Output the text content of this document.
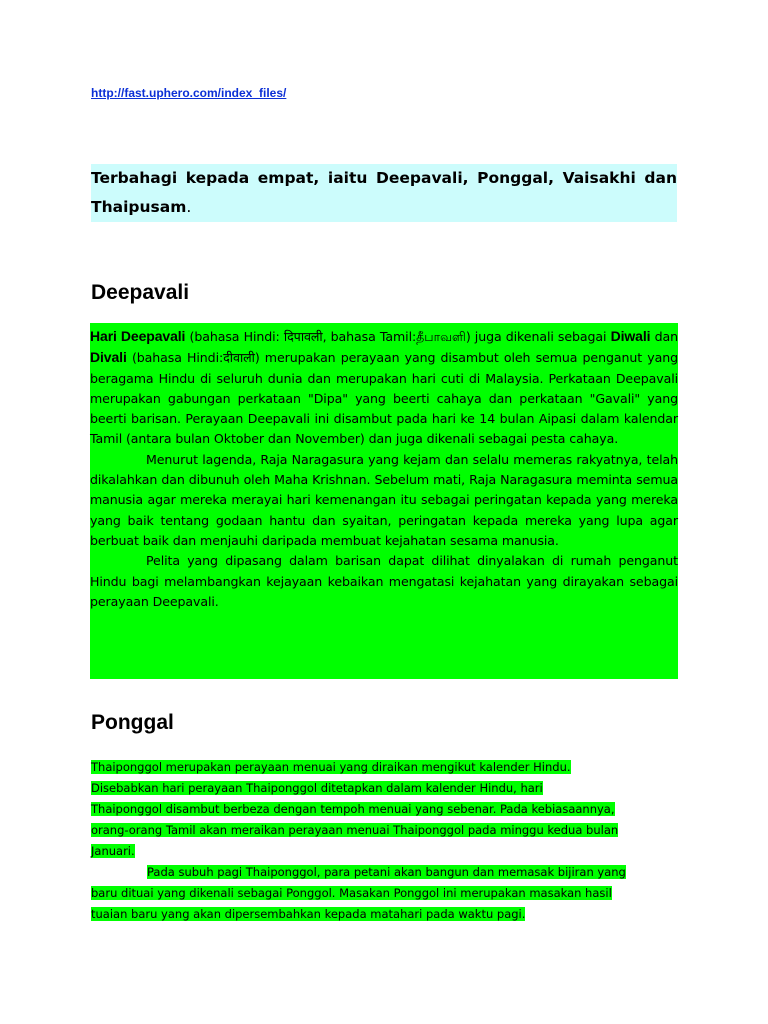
http://fast.uphero.com/index_files/
Terbahagi kepada empat, iaitu Deepavali, Ponggal, Vaisakhi dan Thaipusam.
Deepavali

Hari Deepavali (bahasa Hindi: दिपावली, bahasa Tamil:தீபாவளி) juga dikenali sebagai Diwali dan Divali (bahasa Hindi:दीवाली) merupakan perayaan yang disambut oleh semua penganut yang beragama Hindu di seluruh dunia dan merupakan hari cuti di Malaysia. Perkataan Deepavali merupakan gabungan perkataan "Dipa" yang beerti cahaya dan perkataan "Gavali" yang beerti barisan. Perayaan Deepavali ini disambut pada hari ke 14 bulan Aipasi dalam kalendar Tamil (antara bulan Oktober dan November) dan juga dikenali sebagai pesta cahaya.

Menurut lagenda, Raja Naragasura yang kejam dan selalu memeras rakyatnya, telah dikalahkan dan dibunuh oleh Maha Krishnan. Sebelum mati, Raja Naragasura meminta semua manusia agar mereka merayai hari kemenangan itu sebagai peringatan kepada yang mereka yang baik tentang godaan hantu dan syaitan, peringatan kepada mereka yang lupa agar berbuat baik dan menjauhi daripada membuat kejahatan sesama manusia.

Pelita yang dipasang dalam barisan dapat dilihat dinyalakan di rumah penganut Hindu bagi melambangkan kejayaan kebaikan mengatasi kejahatan yang dirayakan sebagai perayaan Deepavali.

Ponggal

Thaiponggol merupakan perayaan menuai yang diraikan mengikut kalender Hindu.

Disebabkan hari perayaan Thaiponggol ditetapkan dalam kalender Hindu, hari

Thaiponggol disambut berbeza dengan tempoh menuai yang sebenar. Pada kebiasaannya,

orang-orang Tamil akan meraikan perayaan menuai Thaiponggol pada minggu kedua bulan

Januari.

Pada subuh pagi Thaiponggol, para petani akan bangun dan memasak bijiran yang

baru dituai yang dikenali sebagai Ponggol. Masakan Ponggol ini merupakan masakan hasil

tuaian baru yang akan dipersembahkan kepada matahari pada waktu pagi.
